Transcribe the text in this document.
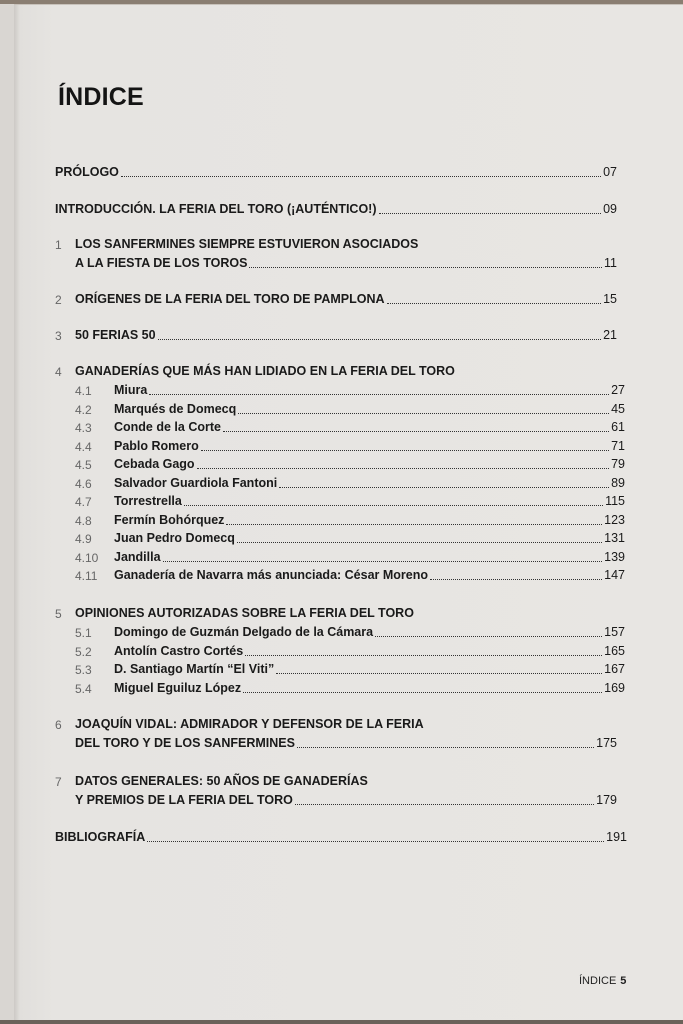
ÍNDICE
PRÓLOGO	07
INTRODUCCIÓN. LA FERIA DEL TORO (¡AUTÉNTICO!)	09
1 LOS SANFERMINES SIEMPRE ESTUVIERON ASOCIADOS
A LA FIESTA DE LOS TOROS	11
2 ORÍGENES DE LA FERIA DEL TORO DE PAMPLONA	15
3 50 FERIAS 50	21
4 GANADERÍAS QUE MÁS HAN LIDIADO EN LA FERIA DEL TORO
4.1 Miura	27
4.2 Marqués de Domecq	45
4.3 Conde de la Corte	61
4.4 Pablo Romero	71
4.5 Cebada Gago	79
4.6 Salvador Guardiola Fantoni	89
4.7 Torrestrella	115
4.8 Fermín Bohórquez	123
4.9 Juan Pedro Domecq	131
4.10 Jandilla	139
4.11 Ganadería de Navarra más anunciada: César Moreno	147
5 OPINIONES AUTORIZADAS SOBRE LA FERIA DEL TORO
5.1 Domingo de Guzmán Delgado de la Cámara	157
5.2 Antolín Castro Cortés	165
5.3 D. Santiago Martín “El Viti”	167
5.4 Miguel Eguiluz López	169
6 JOAQUÍN VIDAL: ADMIRADOR Y DEFENSOR DE LA FERIA
DEL TORO Y DE LOS SANFERMINES	175
7 DATOS GENERALES: 50 AÑOS DE GANADERÍAS
Y PREMIOS DE LA FERIA DEL TORO	179
BIBLIOGRAFÍA	191
ÍNDICE 5
